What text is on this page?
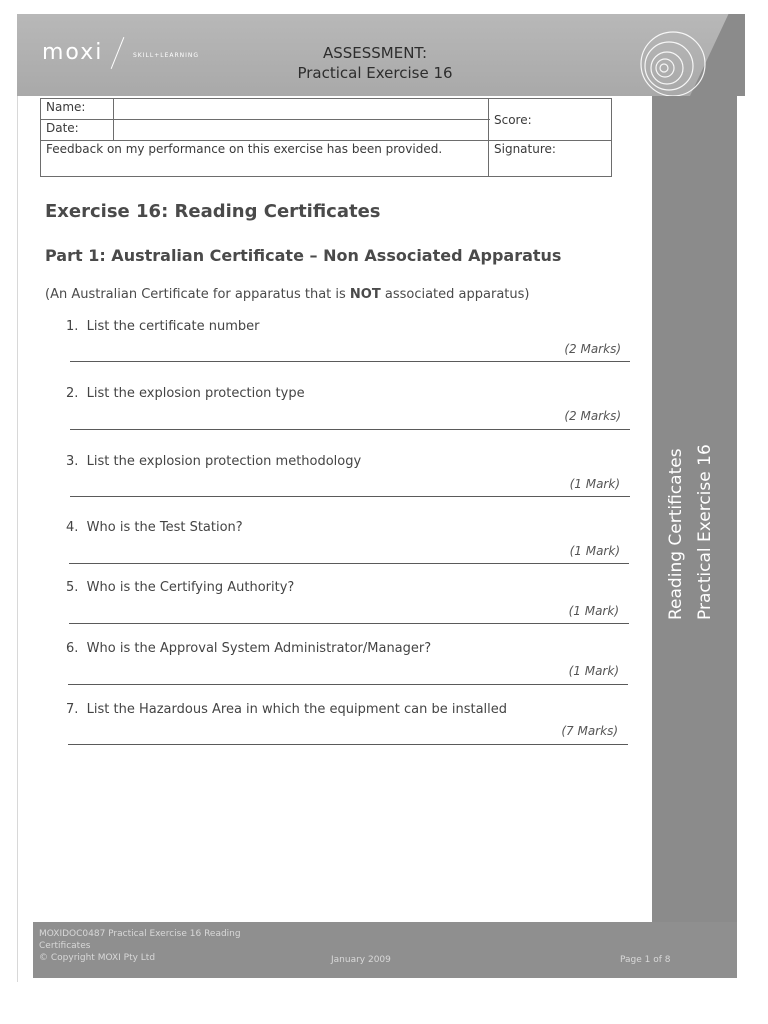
moxi	SKILL+LEARNING	ASSESSMENT:
Practical Exercise 16
Reading Certificates Practical Exercise 16
Name:		Score:
Date:		
Feedback on my performance on this exercise has been provided.		Signature:
Exercise 16: Reading Certificates
Part 1: Australian Certificate – Non Associated Apparatus
(An Australian Certificate for apparatus that is NOT associated apparatus)
1. List the certificate number
(2 Marks)
2. List the explosion protection type
(2 Marks)
3. List the explosion protection methodology
(1 Mark)
4. Who is the Test Station?
(1 Mark)
5. Who is the Certifying Authority?
(1 Mark)
6. Who is the Approval System Administrator/Manager?
(1 Mark)
7. List the Hazardous Area in which the equipment can be installed
(7 Marks)
MOXIDOC0487 Practical Exercise 16 Reading
Certificates
© Copyright MOXI Pty Ltd	January 2009	Page 1 of 8
